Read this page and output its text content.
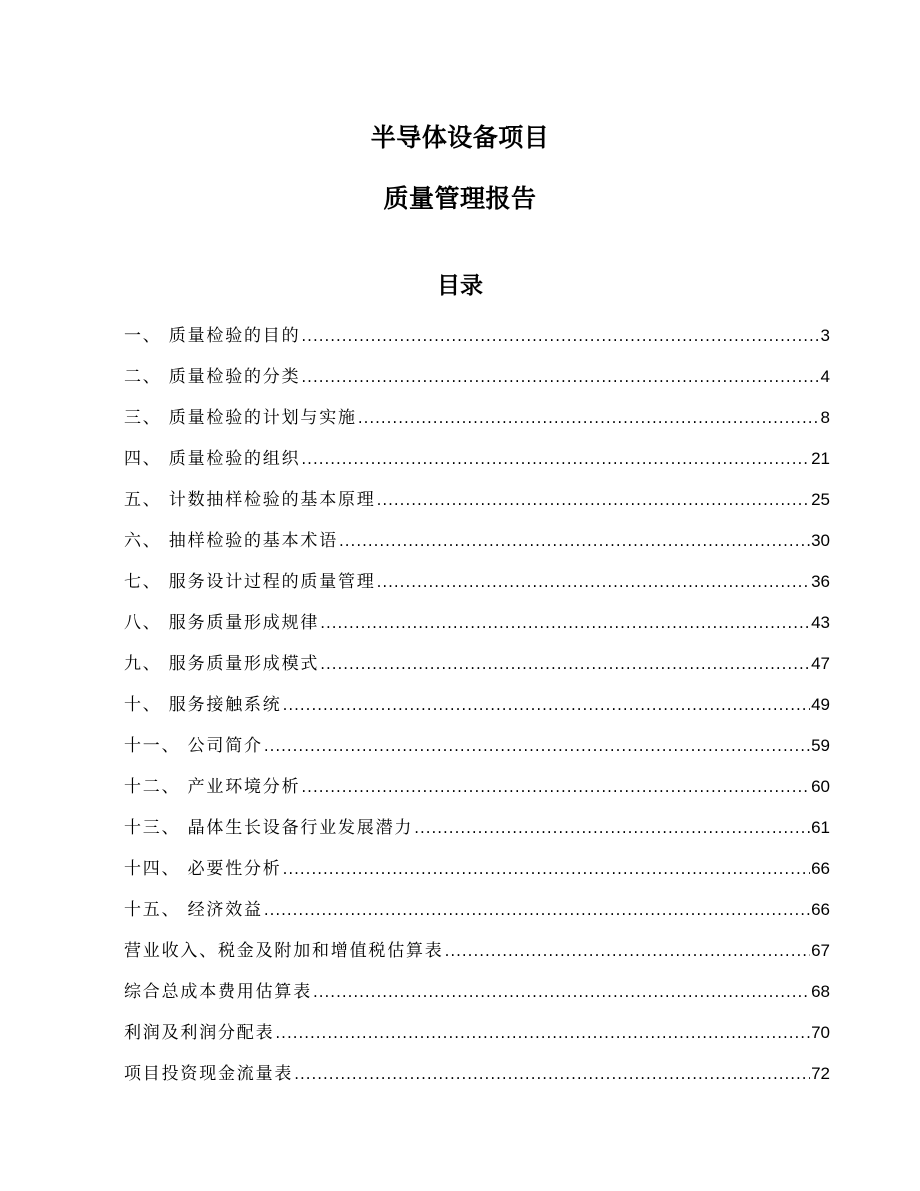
半导体设备项目
质量管理报告
目录
一、 质量检验的目的 .....	3
二、 质量检验的分类 .....	4
三、 质量检验的计划与实施 .....	8
四、 质量检验的组织 .....	21
五、 计数抽样检验的基本原理 .....	25
六、 抽样检验的基本术语 .....	30
七、 服务设计过程的质量管理 .....	36
八、 服务质量形成规律 .....	43
九、 服务质量形成模式 .....	47
十、 服务接触系统 .....	49
十一、 公司简介 .....	59
十二、 产业环境分析 .....	60
十三、 晶体生长设备行业发展潜力 .....	61
十四、 必要性分析 .....	66
十五、 经济效益 .....	66
营业收入、税金及附加和增值税估算表 .....	67
综合总成本费用估算表 .....	68
利润及利润分配表 .....	70
项目投资现金流量表 .....	72
